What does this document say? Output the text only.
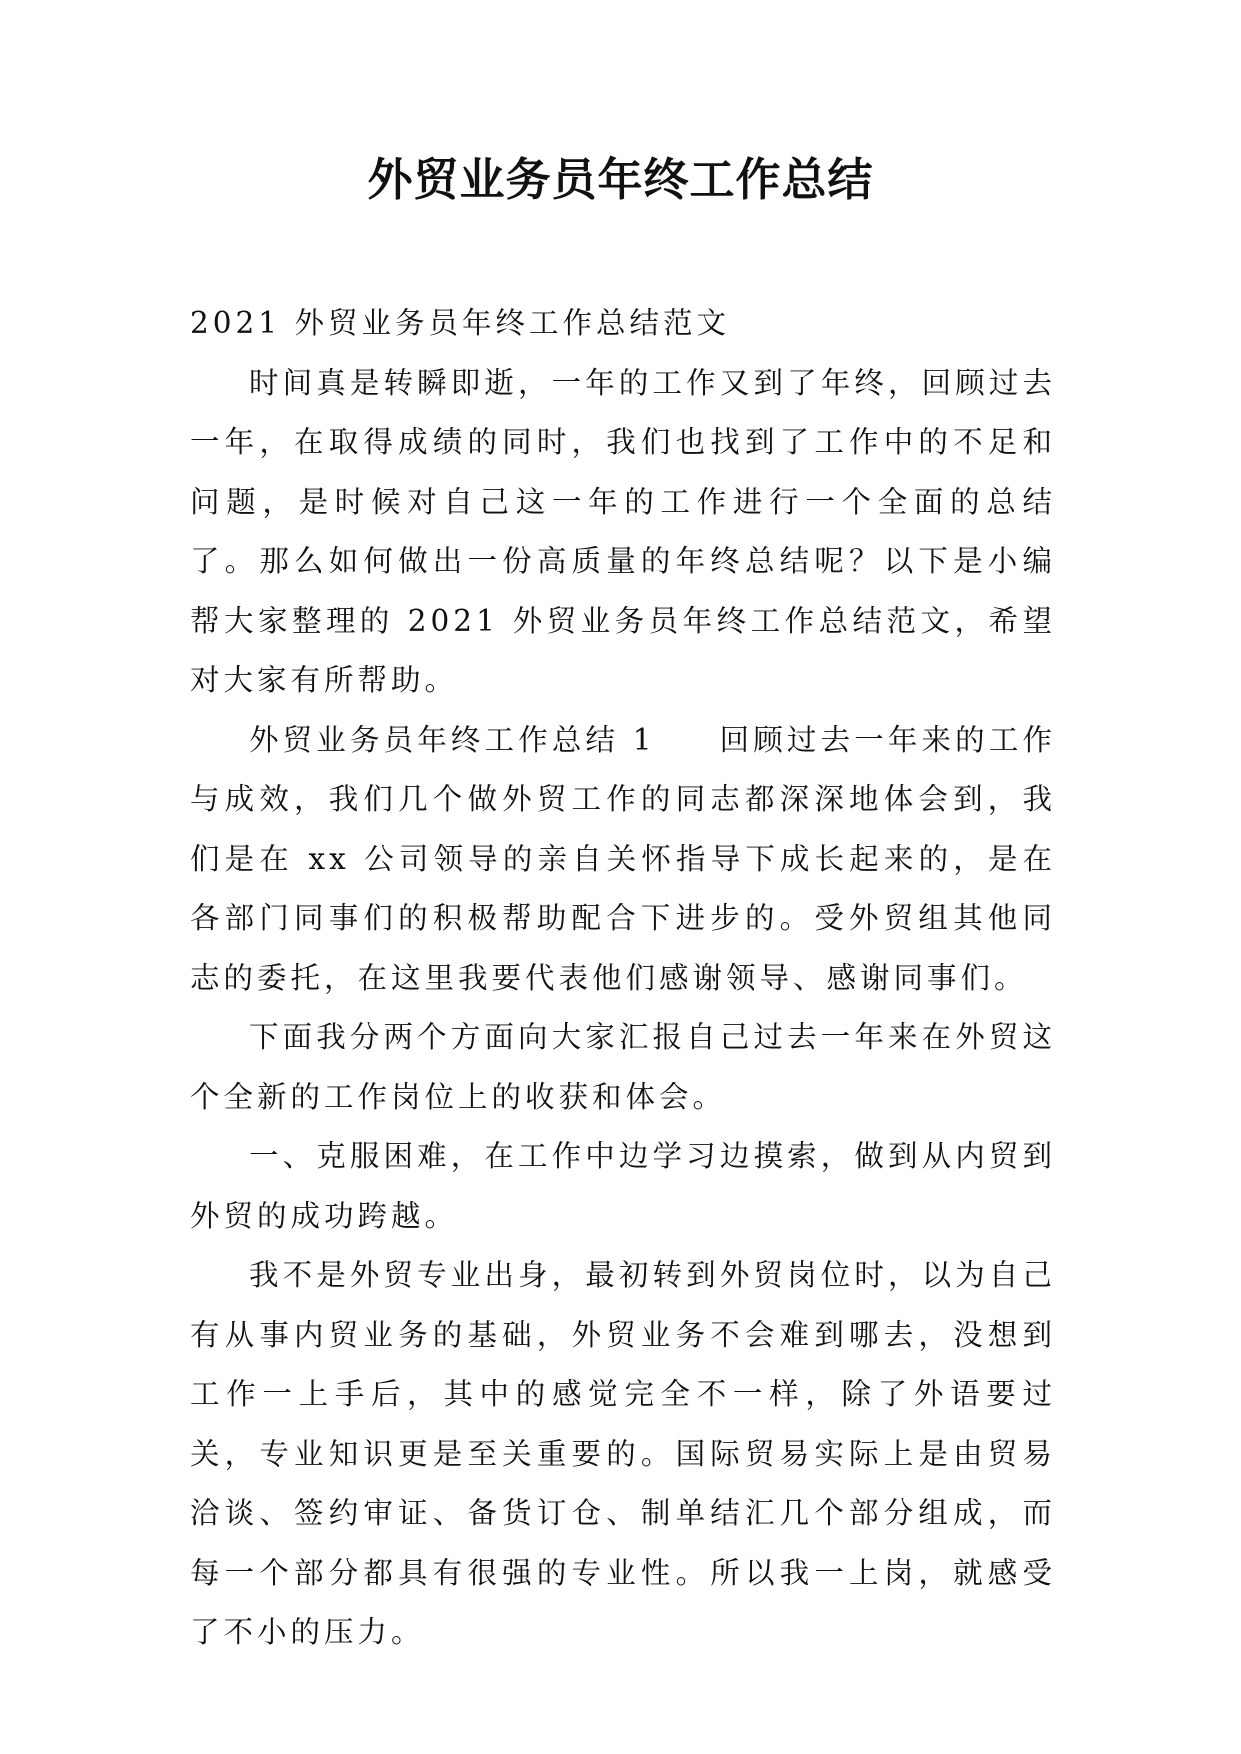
外贸业务员年终工作总结

2021 外贸业务员年终工作总结范文

时间真是转瞬即逝，一年的工作又到了年终，回顾过去一年，在取得成绩的同时，我们也找到了工作中的不足和问题，是时候对自己这一年的工作进行一个全面的总结了。那么如何做出一份高质量的年终总结呢？以下是小编帮大家整理的 2021 外贸业务员年终工作总结范文，希望对大家有所帮助。

外贸业务员年终工作总结 1 回顾过去一年来的工作与成效，我们几个做外贸工作的同志都深深地体会到，我们是在 xx 公司领导的亲自关怀指导下成长起来的，是在各部门同事们的积极帮助配合下进步的。受外贸组其他同志的委托，在这里我要代表他们感谢领导、感谢同事们。

下面我分两个方面向大家汇报自己过去一年来在外贸这个全新的工作岗位上的收获和体会。

一、克服困难，在工作中边学习边摸索，做到从内贸到外贸的成功跨越。

我不是外贸专业出身，最初转到外贸岗位时，以为自己有从事内贸业务的基础，外贸业务不会难到哪去，没想到工作一上手后，其中的感觉完全不一样，除了外语要过关，专业知识更是至关重要的。国际贸易实际上是由贸易洽谈、签约审证、备货订仓、制单结汇几个部分组成，而每一个部分都具有很强的专业性。所以我一上岗，就感受了不小的压力。
